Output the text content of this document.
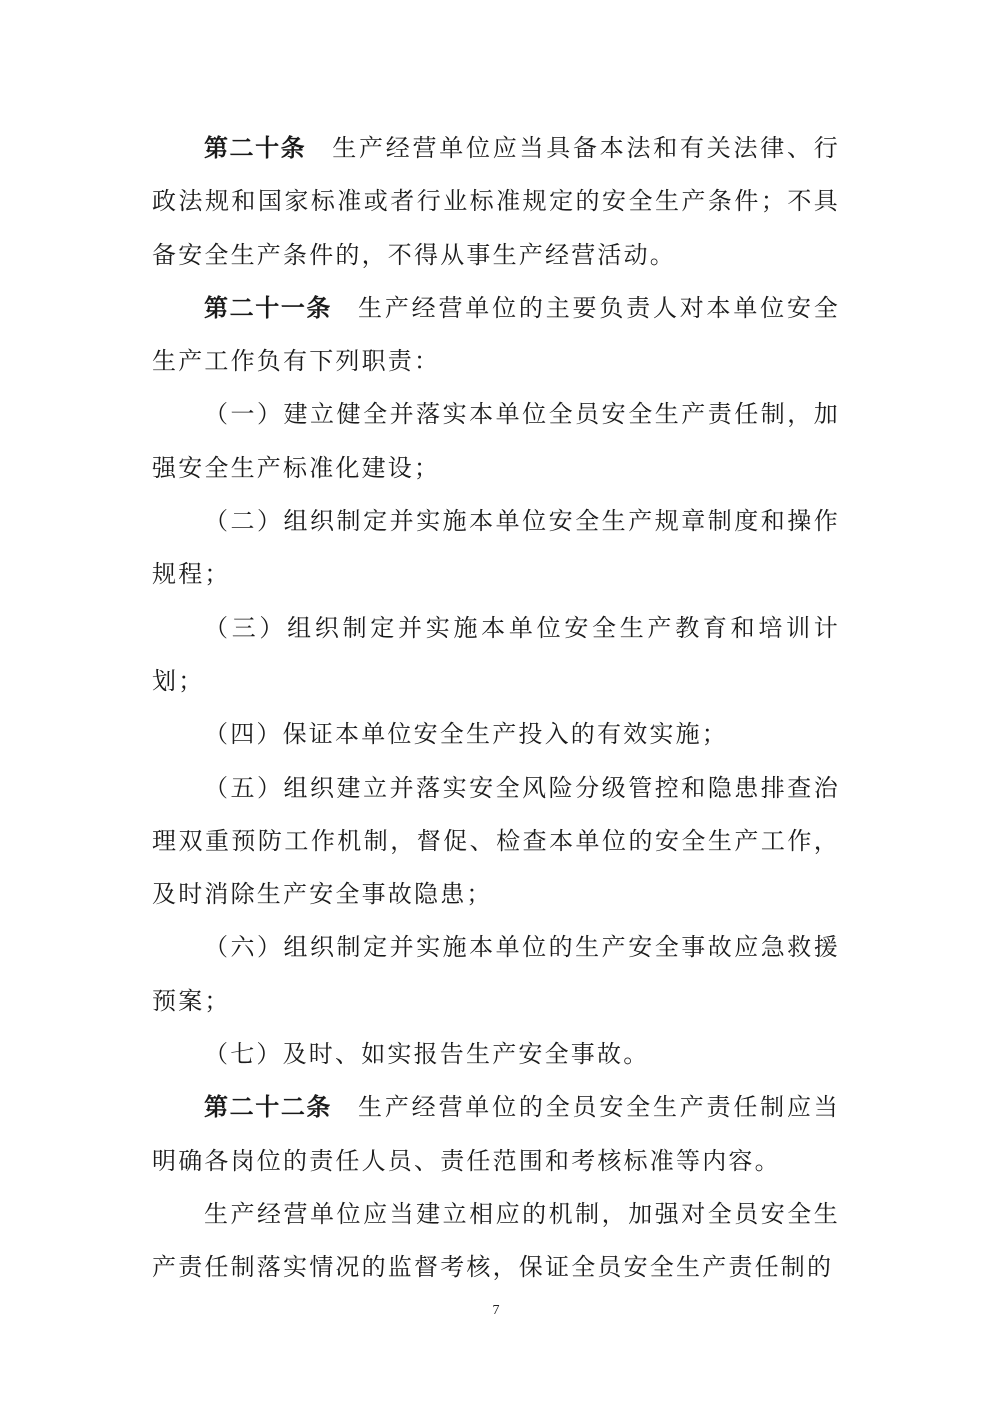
第二十条 生产经营单位应当具备本法和有关法律、行政法规和国家标准或者行业标准规定的安全生产条件；不具备安全生产条件的，不得从事生产经营活动。

第二十一条 生产经营单位的主要负责人对本单位安全生产工作负有下列职责：

（一）建立健全并落实本单位全员安全生产责任制，加强安全生产标准化建设；

（二）组织制定并实施本单位安全生产规章制度和操作规程；

（三）组织制定并实施本单位安全生产教育和培训计划；

（四）保证本单位安全生产投入的有效实施；

（五）组织建立并落实安全风险分级管控和隐患排查治理双重预防工作机制，督促、检查本单位的安全生产工作，及时消除生产安全事故隐患；

（六）组织制定并实施本单位的生产安全事故应急救援预案；

（七）及时、如实报告生产安全事故。

第二十二条 生产经营单位的全员安全生产责任制应当明确各岗位的责任人员、责任范围和考核标准等内容。

生产经营单位应当建立相应的机制，加强对全员安全生产责任制落实情况的监督考核，保证全员安全生产责任制的

7
